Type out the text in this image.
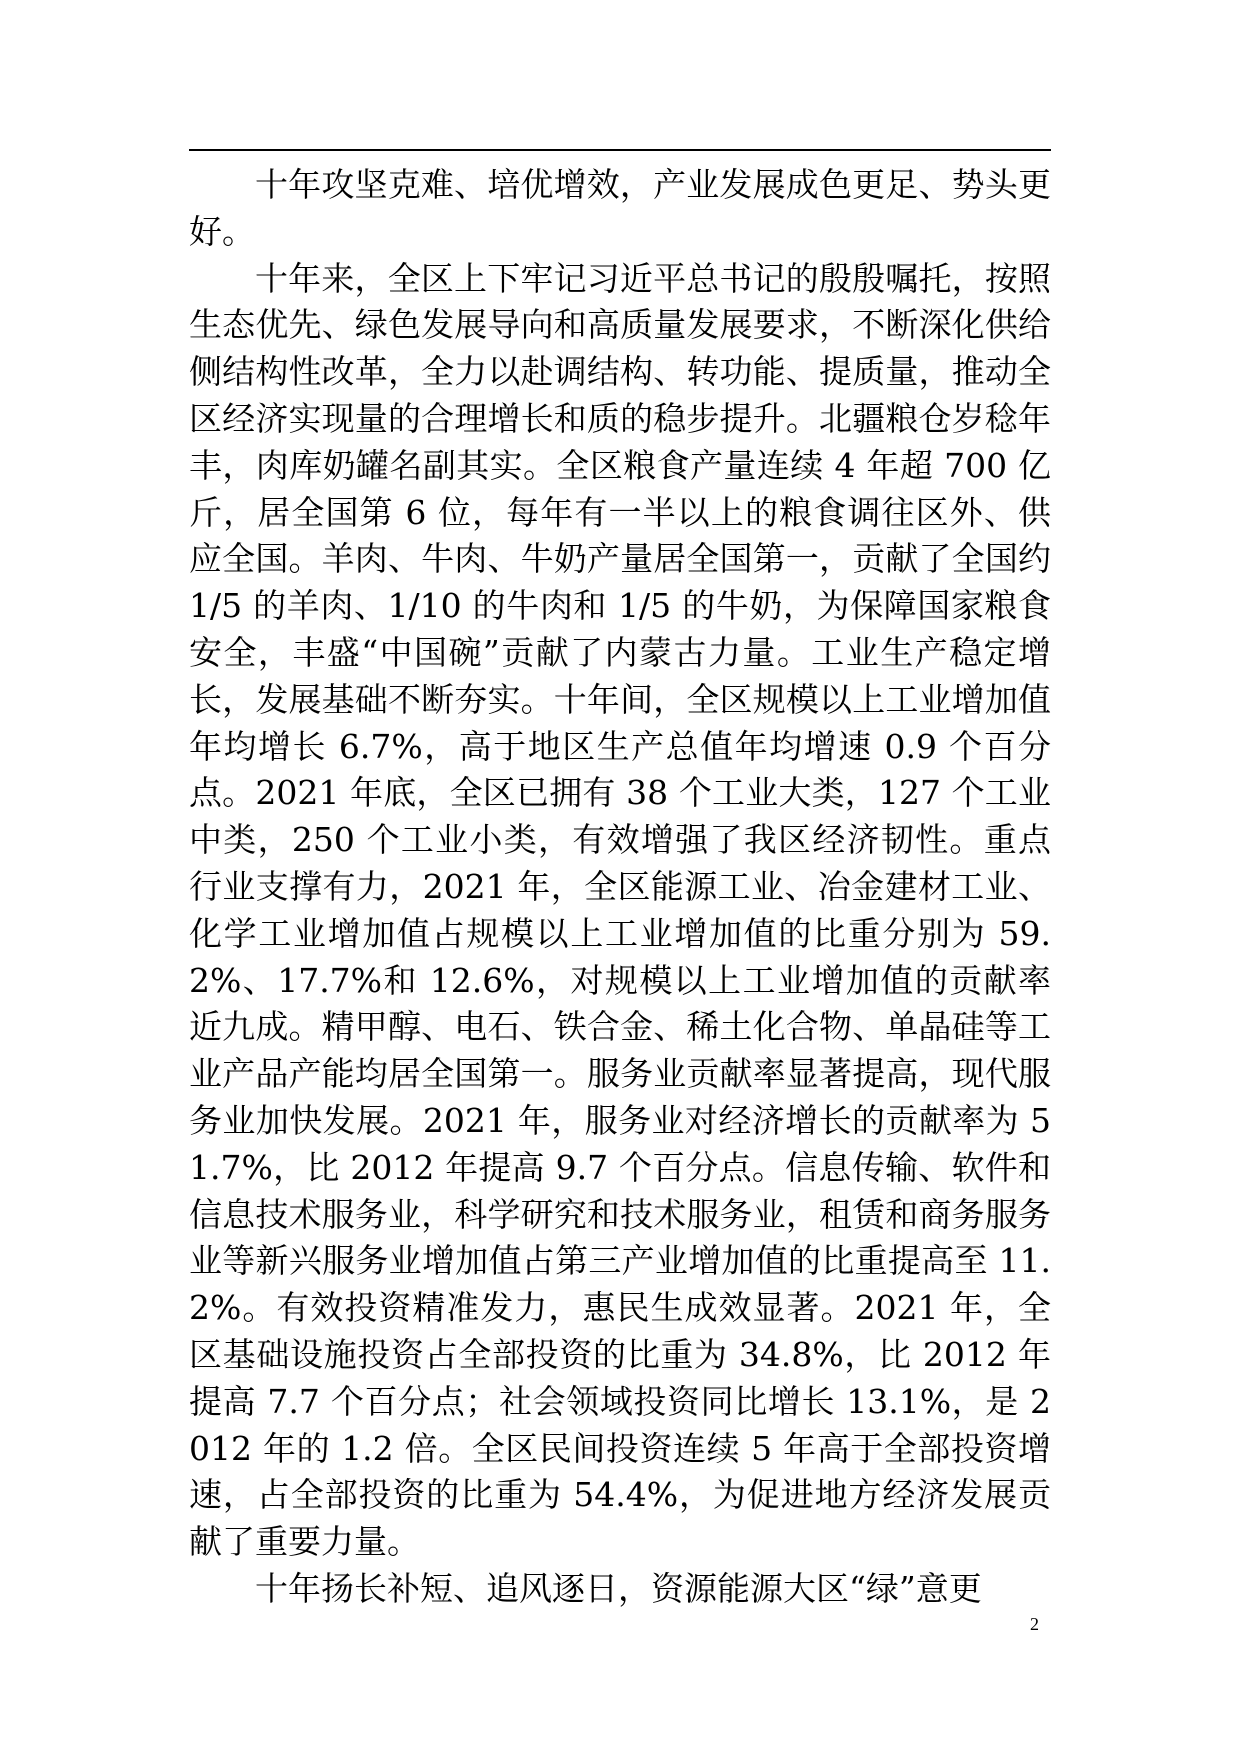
十年攻坚克难、培优增效，产业发展成色更足、势头更好。

十年来，全区上下牢记习近平总书记的殷殷嘱托，按照生态优先、绿色发展导向和高质量发展要求，不断深化供给侧结构性改革，全力以赴调结构、转功能、提质量，推动全区经济实现量的合理增长和质的稳步提升。北疆粮仓岁稔年丰，肉库奶罐名副其实。全区粮食产量连续 4 年超 700 亿斤，居全国第 6 位，每年有一半以上的粮食调往区外、供应全国。羊肉、牛肉、牛奶产量居全国第一，贡献了全国约 1/5 的羊肉、1/10 的牛肉和 1/5 的牛奶，为保障国家粮食安全，丰盛“中国碗”贡献了内蒙古力量。工业生产稳定增长，发展基础不断夯实。十年间，全区规模以上工业增加值年均增长 6.7%，高于地区生产总值年均增速 0.9 个百分点。2021 年底，全区已拥有 38 个工业大类，127 个工业中类，250 个工业小类，有效增强了我区经济韧性。重点行业支撑有力，2021 年，全区能源工业、冶金建材工业、化学工业增加值占规模以上工业增加值的比重分别为 59.2%、17.7%和 12.6%，对规模以上工业增加值的贡献率近九成。精甲醇、电石、铁合金、稀土化合物、单晶硅等工业产品产能均居全国第一。服务业贡献率显著提高，现代服务业加快发展。2021 年，服务业对经济增长的贡献率为 51.7%，比 2012 年提高 9.7 个百分点。信息传输、软件和信息技术服务业，科学研究和技术服务业，租赁和商务服务业等新兴服务业增加值占第三产业增加值的比重提高至 11.2%。有效投资精准发力，惠民生成效显著。2021 年，全区基础设施投资占全部投资的比重为 34.8%，比 2012 年提高 7.7 个百分点；社会领域投资同比增长 13.1%，是 2012 年的 1.2 倍。全区民间投资连续 5 年高于全部投资增速，占全部投资的比重为 54.4%，为促进地方经济发展贡献了重要力量。

十年扬长补短、追风逐日，资源能源大区“绿”意更

2
